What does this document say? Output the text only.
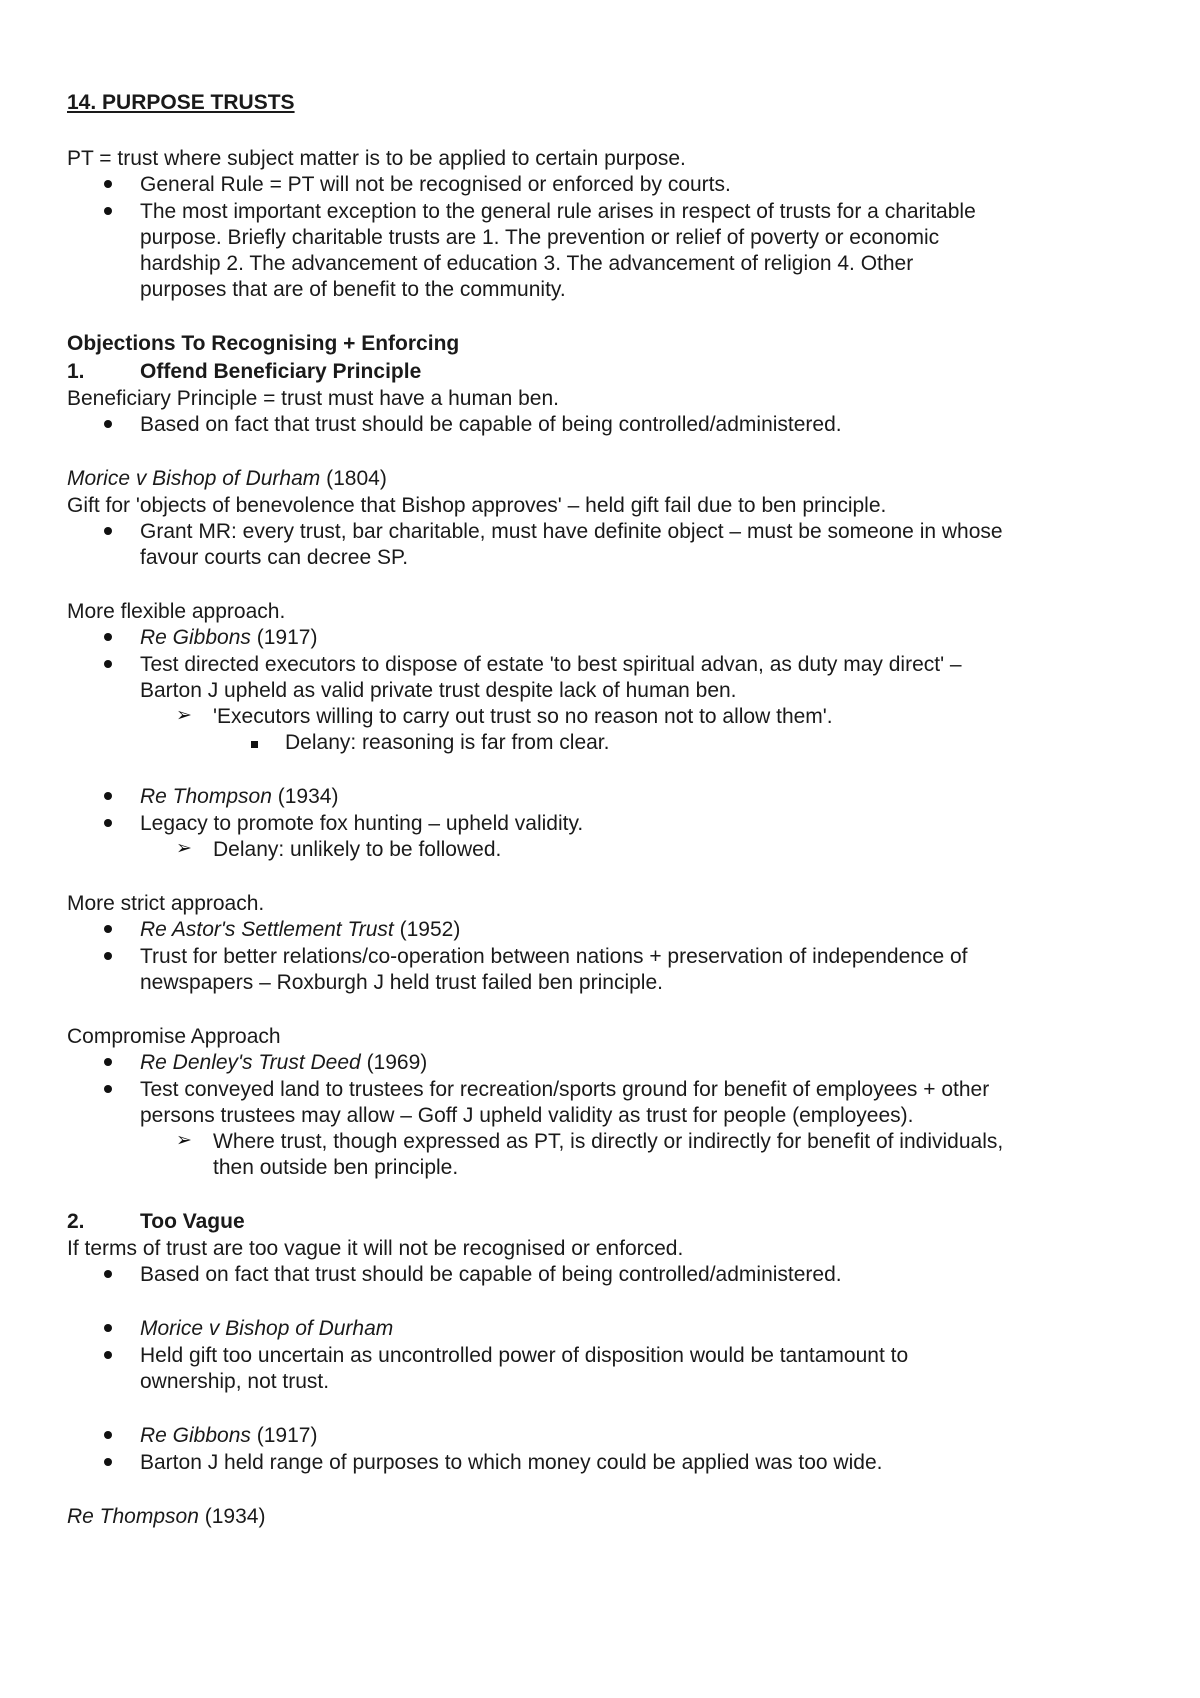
14. PURPOSE TRUSTS
PT = trust where subject matter is to be applied to certain purpose.
General Rule = PT will not be recognised or enforced by courts.
The most important exception to the general rule arises in respect of trusts for a charitable
purpose. Briefly charitable trusts are 1. The prevention or relief of poverty or economic
hardship 2. The advancement of education 3. The advancement of religion 4. Other
purposes that are of benefit to the community.
Objections To Recognising + Enforcing
1.	Offend Beneficiary Principle
Beneficiary Principle = trust must have a human ben.
Based on fact that trust should be capable of being controlled/administered.
Morice v Bishop of Durham (1804)
Gift for 'objects of benevolence that Bishop approves' – held gift fail due to ben principle.
Grant MR: every trust, bar charitable, must have definite object – must be someone in whose
favour courts can decree SP.
More flexible approach.
Re Gibbons (1917)
Test directed executors to dispose of estate 'to best spiritual advan, as duty may direct' –
Barton J upheld as valid private trust despite lack of human ben.
➢ 'Executors willing to carry out trust so no reason not to allow them'.
Delany: reasoning is far from clear.
Re Thompson (1934)
Legacy to promote fox hunting – upheld validity.
➢ Delany: unlikely to be followed.
More strict approach.
Re Astor's Settlement Trust (1952)
Trust for better relations/co-operation between nations + preservation of independence of
newspapers – Roxburgh J held trust failed ben principle.
Compromise Approach
Re Denley's Trust Deed (1969)
Test conveyed land to trustees for recreation/sports ground for benefit of employees + other
persons trustees may allow – Goff J upheld validity as trust for people (employees).
➢ Where trust, though expressed as PT, is directly or indirectly for benefit of individuals,
then outside ben principle.
2.	Too Vague
If terms of trust are too vague it will not be recognised or enforced.
Based on fact that trust should be capable of being controlled/administered.
Morice v Bishop of Durham
Held gift too uncertain as uncontrolled power of disposition would be tantamount to
ownership, not trust.
Re Gibbons (1917)
Barton J held range of purposes to which money could be applied was too wide.
Re Thompson (1934)
